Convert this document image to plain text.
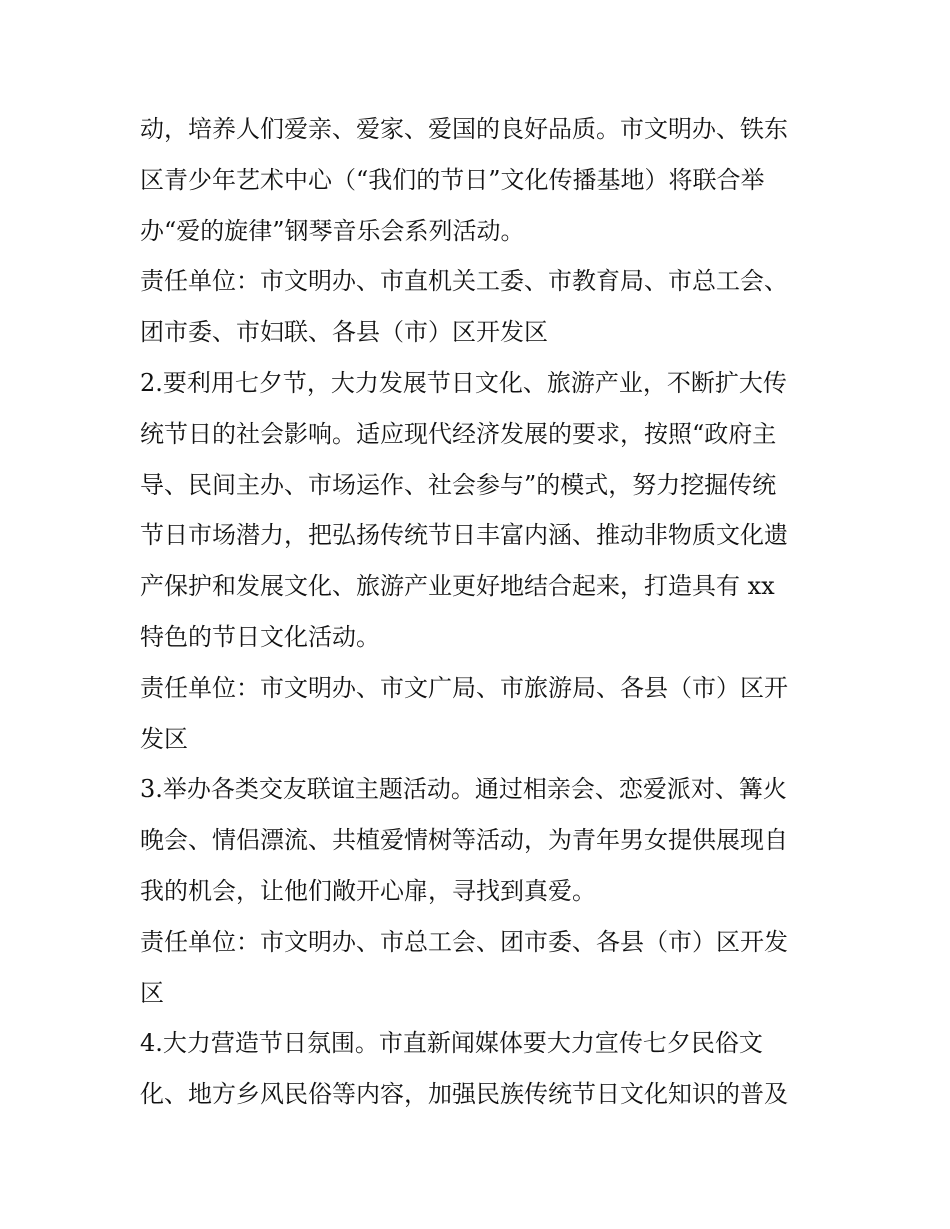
动，培养人们爱亲、爱家、爱国的良好品质。市文明办、铁东
区青少年艺术中心（“我们的节日”文化传播基地）将联合举
办“爱的旋律”钢琴音乐会系列活动。
责任单位：市文明办、市直机关工委、市教育局、市总工会、
团市委、市妇联、各县（市）区开发区
2.要利用七夕节，大力发展节日文化、旅游产业，不断扩大传
统节日的社会影响。适应现代经济发展的要求，按照“政府主
导、民间主办、市场运作、社会参与”的模式，努力挖掘传统
节日市场潜力，把弘扬传统节日丰富内涵、推动非物质文化遗
产保护和发展文化、旅游产业更好地结合起来，打造具有 xx
特色的节日文化活动。
责任单位：市文明办、市文广局、市旅游局、各县（市）区开
发区
3.举办各类交友联谊主题活动。通过相亲会、恋爱派对、篝火
晚会、情侣漂流、共植爱情树等活动，为青年男女提供展现自
我的机会，让他们敞开心扉，寻找到真爱。
责任单位：市文明办、市总工会、团市委、各县（市）区开发
区
4.大力营造节日氛围。市直新闻媒体要大力宣传七夕民俗文
化、地方乡风民俗等内容，加强民族传统节日文化知识的普及
